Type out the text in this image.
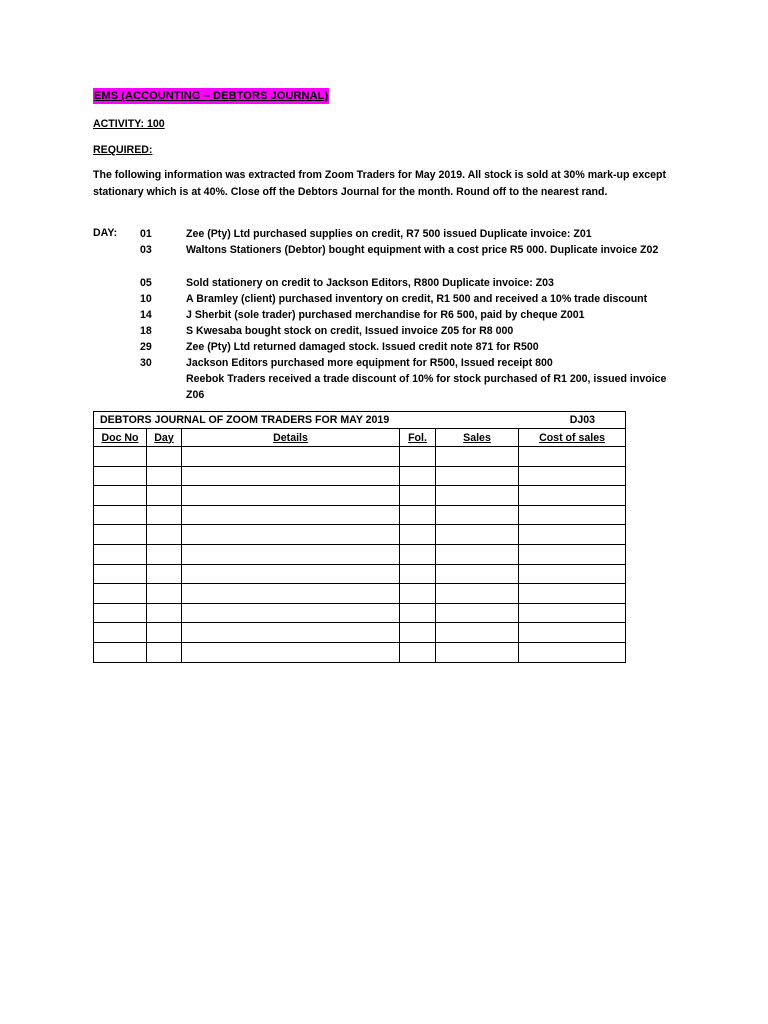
EMS (ACCOUNTING – DEBTORS JOURNAL)
ACTIVITY: 100
REQUIRED:
The following information was extracted from Zoom Traders for May 2019. All stock is sold at 30% mark-up except stationary which is at 40%. Close off the Debtors Journal for the month. Round off to the nearest rand.
DAY: 01	Zee (Pty) Ltd purchased supplies on credit, R7 500 issued Duplicate invoice: Z01
03	Waltons Stationers (Debtor) bought equipment with a cost price R5 000. Duplicate invoice Z02
05	Sold stationery on credit to Jackson Editors, R800 Duplicate invoice: Z03
10	A Bramley (client) purchased inventory on credit, R1 500 and received a 10% trade discount
14	J Sherbit (sole trader) purchased merchandise for R6 500, paid by cheque Z001
18	S Kwesaba bought stock on credit, Issued invoice Z05 for R8 000
29	Zee (Pty) Ltd returned damaged stock. Issued credit note 871 for R500
30	Jackson Editors purchased more equipment for R500, Issued receipt 800
Reebok Traders received a trade discount of 10% for stock purchased of R1 200, issued invoice Z06
DEBTORS JOURNAL OF ZOOM TRADERS FOR MAY 2019 DJ03					

Doc No	Day	Details	Fol.	Sales	Cost of sales
